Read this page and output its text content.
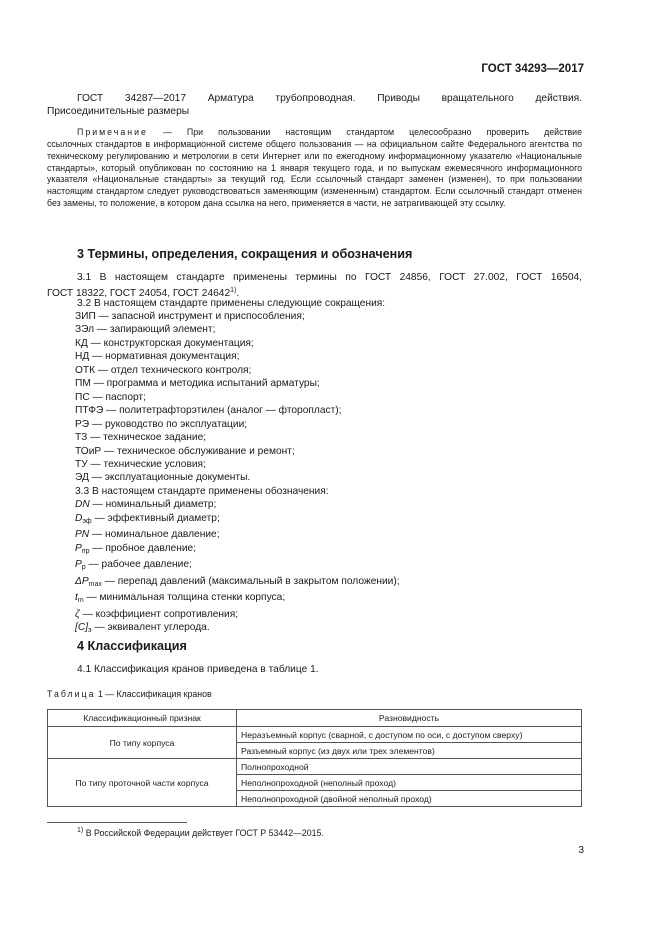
ГОСТ 34293—2017
ГОСТ 34287—2017 Арматура трубопроводная. Приводы вращательного действия.
Присоединительные размеры
Примечание — При пользовании настоящим стандартом целесообразно проверить действие
ссылочных стандартов в информационной системе общего пользования — на официальном сайте Федерального агентства по техническому регулированию и метрологии в сети Интернет или по ежегодному информационному указателю «Национальные стандарты», который опубликован по состоянию на 1 января текущего года, и по выпускам ежемесячного информационного указателя «Национальные стандарты» за текущий год. Если ссылочный стандарт заменен (изменен), то при пользовании настоящим стандартом следует руководствоваться заменяющим (измененным) стандартом. Если ссылочный стандарт отменен без замены, то положение, в котором дана ссылка на него, применяется в части, не затрагивающей эту ссылку.
3 Термины, определения, сокращения и обозначения
3.1 В настоящем стандарте применены термины по ГОСТ 24856, ГОСТ 27.002, ГОСТ 16504,
ГОСТ 18322, ГОСТ 24054, ГОСТ 24642$^{1)}$.
3.2 В настоящем стандарте применены следующие сокращения:
ЗИП — запасной инструмент и приспособления;
ЗЭл — запирающий элемент;
КД — конструкторская документация;
НД — нормативная документация;
ОТК — отдел технического контроля;
ПМ — программа и методика испытаний арматуры;
ПС — паспорт;
ПТФЭ — политетрафторэтилен (аналог — фторопласт);
РЭ — руководство по эксплуатации;
ТЗ — техническое задание;
ТОиР — техническое обслуживание и ремонт;
ТУ — технические условия;
ЭД — эксплуатационные документы.
3.3 В настоящем стандарте применены обозначения:
DN — номинальный диаметр;
$D_{эф}$ — эффективный диаметр;
PN — номинальное давление;
$P_{пр}$ — пробное давление;
$P_р$ — рабочее давление;
$\Delta P_{max}$ — перепад давлений (максимальный в закрытом положении);
$t_m$ — минимальная толщина стенки корпуса;
ζ — коэффициент сопротивления;
$[C]_э$ — эквивалент углерода.
4 Классификация
4.1 Классификация кранов приведена в таблице 1.
Таблица 1 — Классификация кранов
Классификационный признак	Разновидность
По типу корпуса	Неразъемный корпус (сварной, с доступом по оси, с доступом сверху)
	Разъемный корпус (из двух или трех элементов)
По типу проточной части корпуса	Полнопроходной
	Неполнопроходной (неполный проход)
	Неполнопроходной (двойной неполный проход)
$^{1)}$ В Российской Федерации действует ГОСТ Р 53442—2015.
3
